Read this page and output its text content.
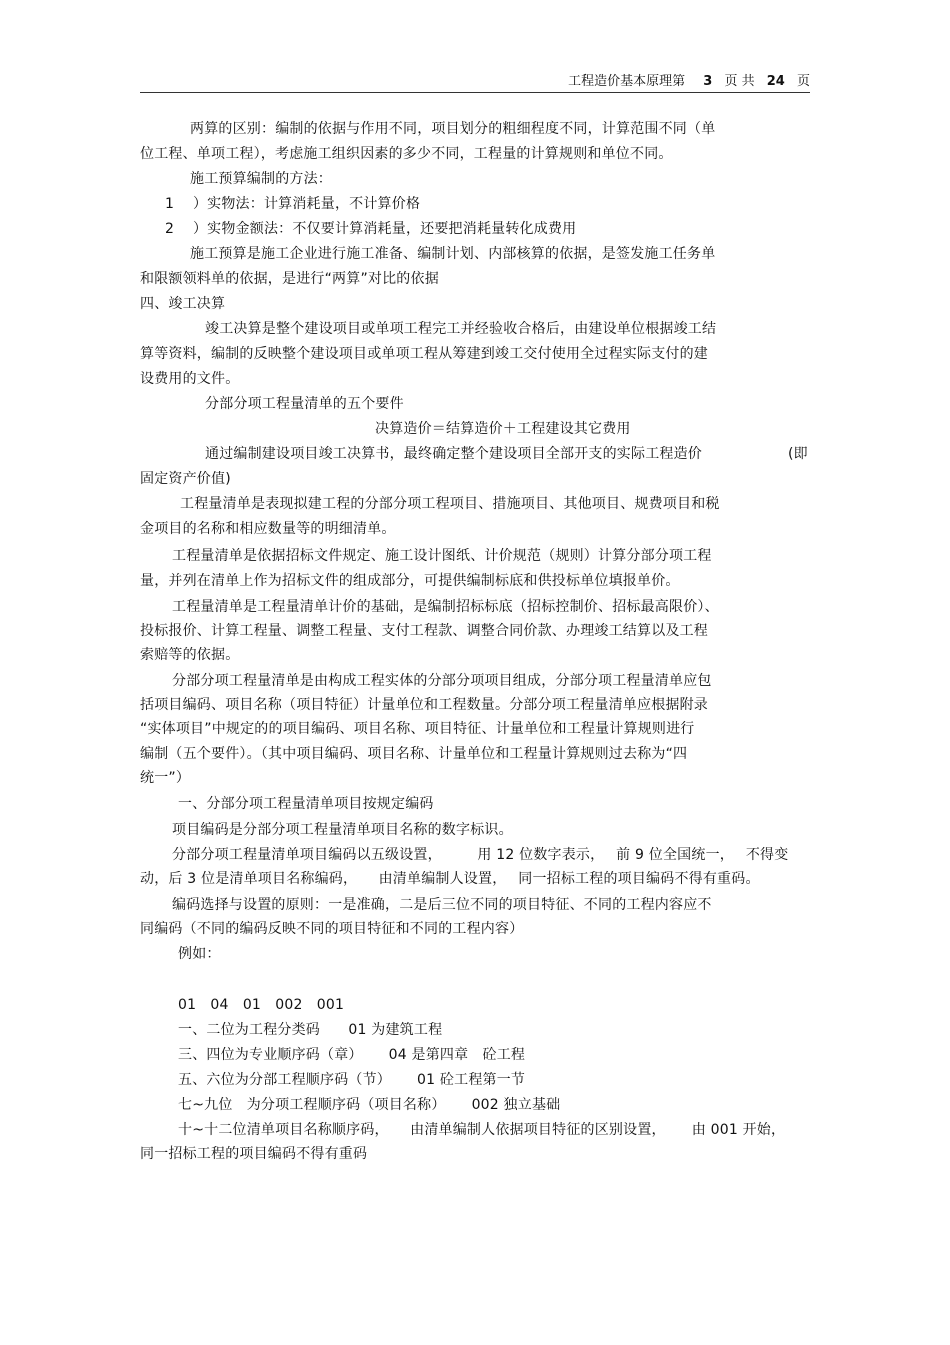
工程造价基本原理第 3 页 共 24 页
两算的区别：编制的依据与作用不同，项目划分的粗细程度不同，计算范围不同（单
位工程、单项工程），考虑施工组织因素的多少不同，工程量的计算规则和单位不同。
施工预算编制的方法：
1　 ）实物法：计算消耗量，不计算价格
2　 ）实物金额法：不仅要计算消耗量，还要把消耗量转化成费用
施工预算是施工企业进行施工准备、编制计划、内部核算的依据，是签发施工任务单
和限额领料单的依据，是进行“两算”对比的依据
四、竣工决算
竣工决算是整个建设项目或单项工程完工并经验收合格后，由建设单位根据竣工结
算等资料，编制的反映整个建设项目或单项工程从筹建到竣工交付使用全过程实际支付的建
设费用的文件。
分部分项工程量清单的五个要件
决算造价＝结算造价＋工程建设其它费用
通过编制建设项目竣工决算书，最终确定整个建设项目全部开支的实际工程造价	(即
固定资产价值)
工程量清单是表现拟建工程的分部分项工程项目、措施项目、其他项目、规费项目和税
金项目的名称和相应数量等的明细清单。
工程量清单是依据招标文件规定、施工设计图纸、计价规范（规则）计算分部分项工程
量，并列在清单上作为招标文件的组成部分，可提供编制标底和供投标单位填报单价。
工程量清单是工程量清单计价的基础，是编制招标标底（招标控制价、招标最高限价）、
投标报价、计算工程量、调整工程量、支付工程款、调整合同价款、办理竣工结算以及工程
索赔等的依据。
分部分项工程量清单是由构成工程实体的分部分项项目组成，分部分项工程量清单应包
括项目编码、项目名称（项目特征）计量单位和工程数量。分部分项工程量清单应根据附录
“实体项目”中规定的的项目编码、项目名称、项目特征、计量单位和工程量计算规则进行
编制（五个要件）。（其中项目编码、项目名称、计量单位和工程量计算规则过去称为“四
统一”）
一、分部分项工程量清单项目按规定编码
项目编码是分部分项工程量清单项目名称的数字标识。
分部分项工程量清单项目编码以五级设置，　　　用 12 位数字表示，　 前 9 位全国统一，　 不得变
动，后 3 位是清单项目名称编码，　　由清单编制人设置，　 同一招标工程的项目编码不得有重码。
编码选择与设置的原则：一是准确，二是后三位不同的项目特征、不同的工程内容应不
同编码（不同的编码反映不同的项目特征和不同的工程内容）
例如：
01　04　01　002　001
一、二位为工程分类码　　01 为建筑工程
三、四位为专业顺序码（章）　　 04 是第四章　砼工程
五、六位为分部工程顺序码（节）　　 01 砼工程第一节
七~九位　为分项工程顺序码（项目名称）　　 002 独立基础
十~十二位清单项目名称顺序码，　　由清单编制人依据项目特征的区别设置，　　 由 001 开始，
同一招标工程的项目编码不得有重码
